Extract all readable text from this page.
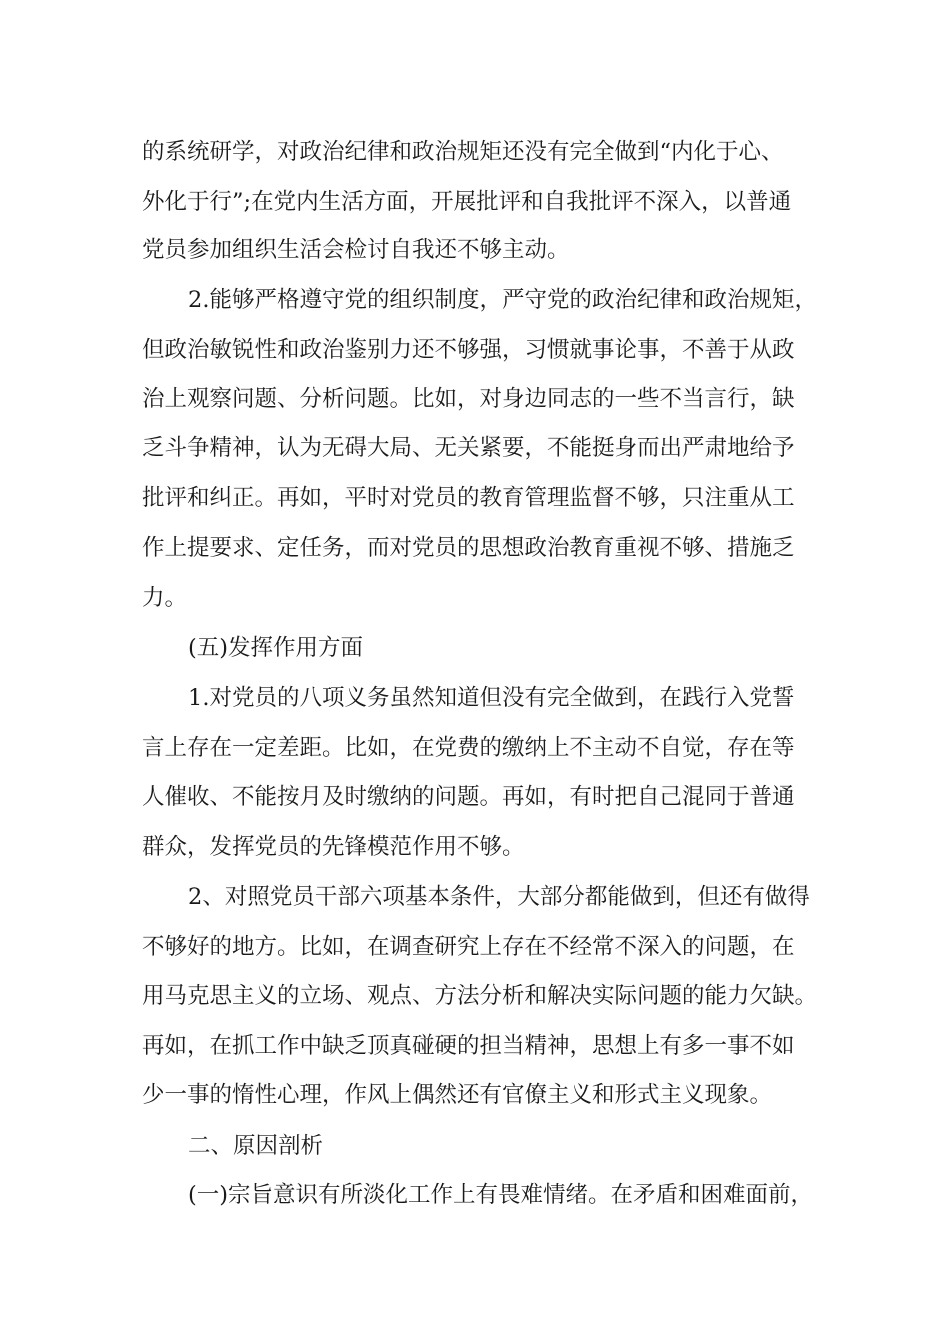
的系统研学，对政治纪律和政治规矩还没有完全做到“内化于心、
外化于行”;在党内生活方面，开展批评和自我批评不深入，以普通
党员参加组织生活会检讨自我还不够主动。
2.能够严格遵守党的组织制度，严守党的政治纪律和政治规矩，
但政治敏锐性和政治鉴别力还不够强，习惯就事论事，不善于从政
治上观察问题、分析问题。比如，对身边同志的一些不当言行，缺
乏斗争精神，认为无碍大局、无关紧要，不能挺身而出严肃地给予
批评和纠正。再如，平时对党员的教育管理监督不够，只注重从工
作上提要求、定任务，而对党员的思想政治教育重视不够、措施乏
力。
(五)发挥作用方面
1.对党员的八项义务虽然知道但没有完全做到，在践行入党誓
言上存在一定差距。比如，在党费的缴纳上不主动不自觉，存在等
人催收、不能按月及时缴纳的问题。再如，有时把自己混同于普通
群众，发挥党员的先锋模范作用不够。
2、对照党员干部六项基本条件，大部分都能做到，但还有做得
不够好的地方。比如，在调查研究上存在不经常不深入的问题，在
用马克思主义的立场、观点、方法分析和解决实际问题的能力欠缺。
再如，在抓工作中缺乏顶真碰硬的担当精神，思想上有多一事不如
少一事的惰性心理，作风上偶然还有官僚主义和形式主义现象。
二、原因剖析
(一)宗旨意识有所淡化工作上有畏难情绪。在矛盾和困难面前，
